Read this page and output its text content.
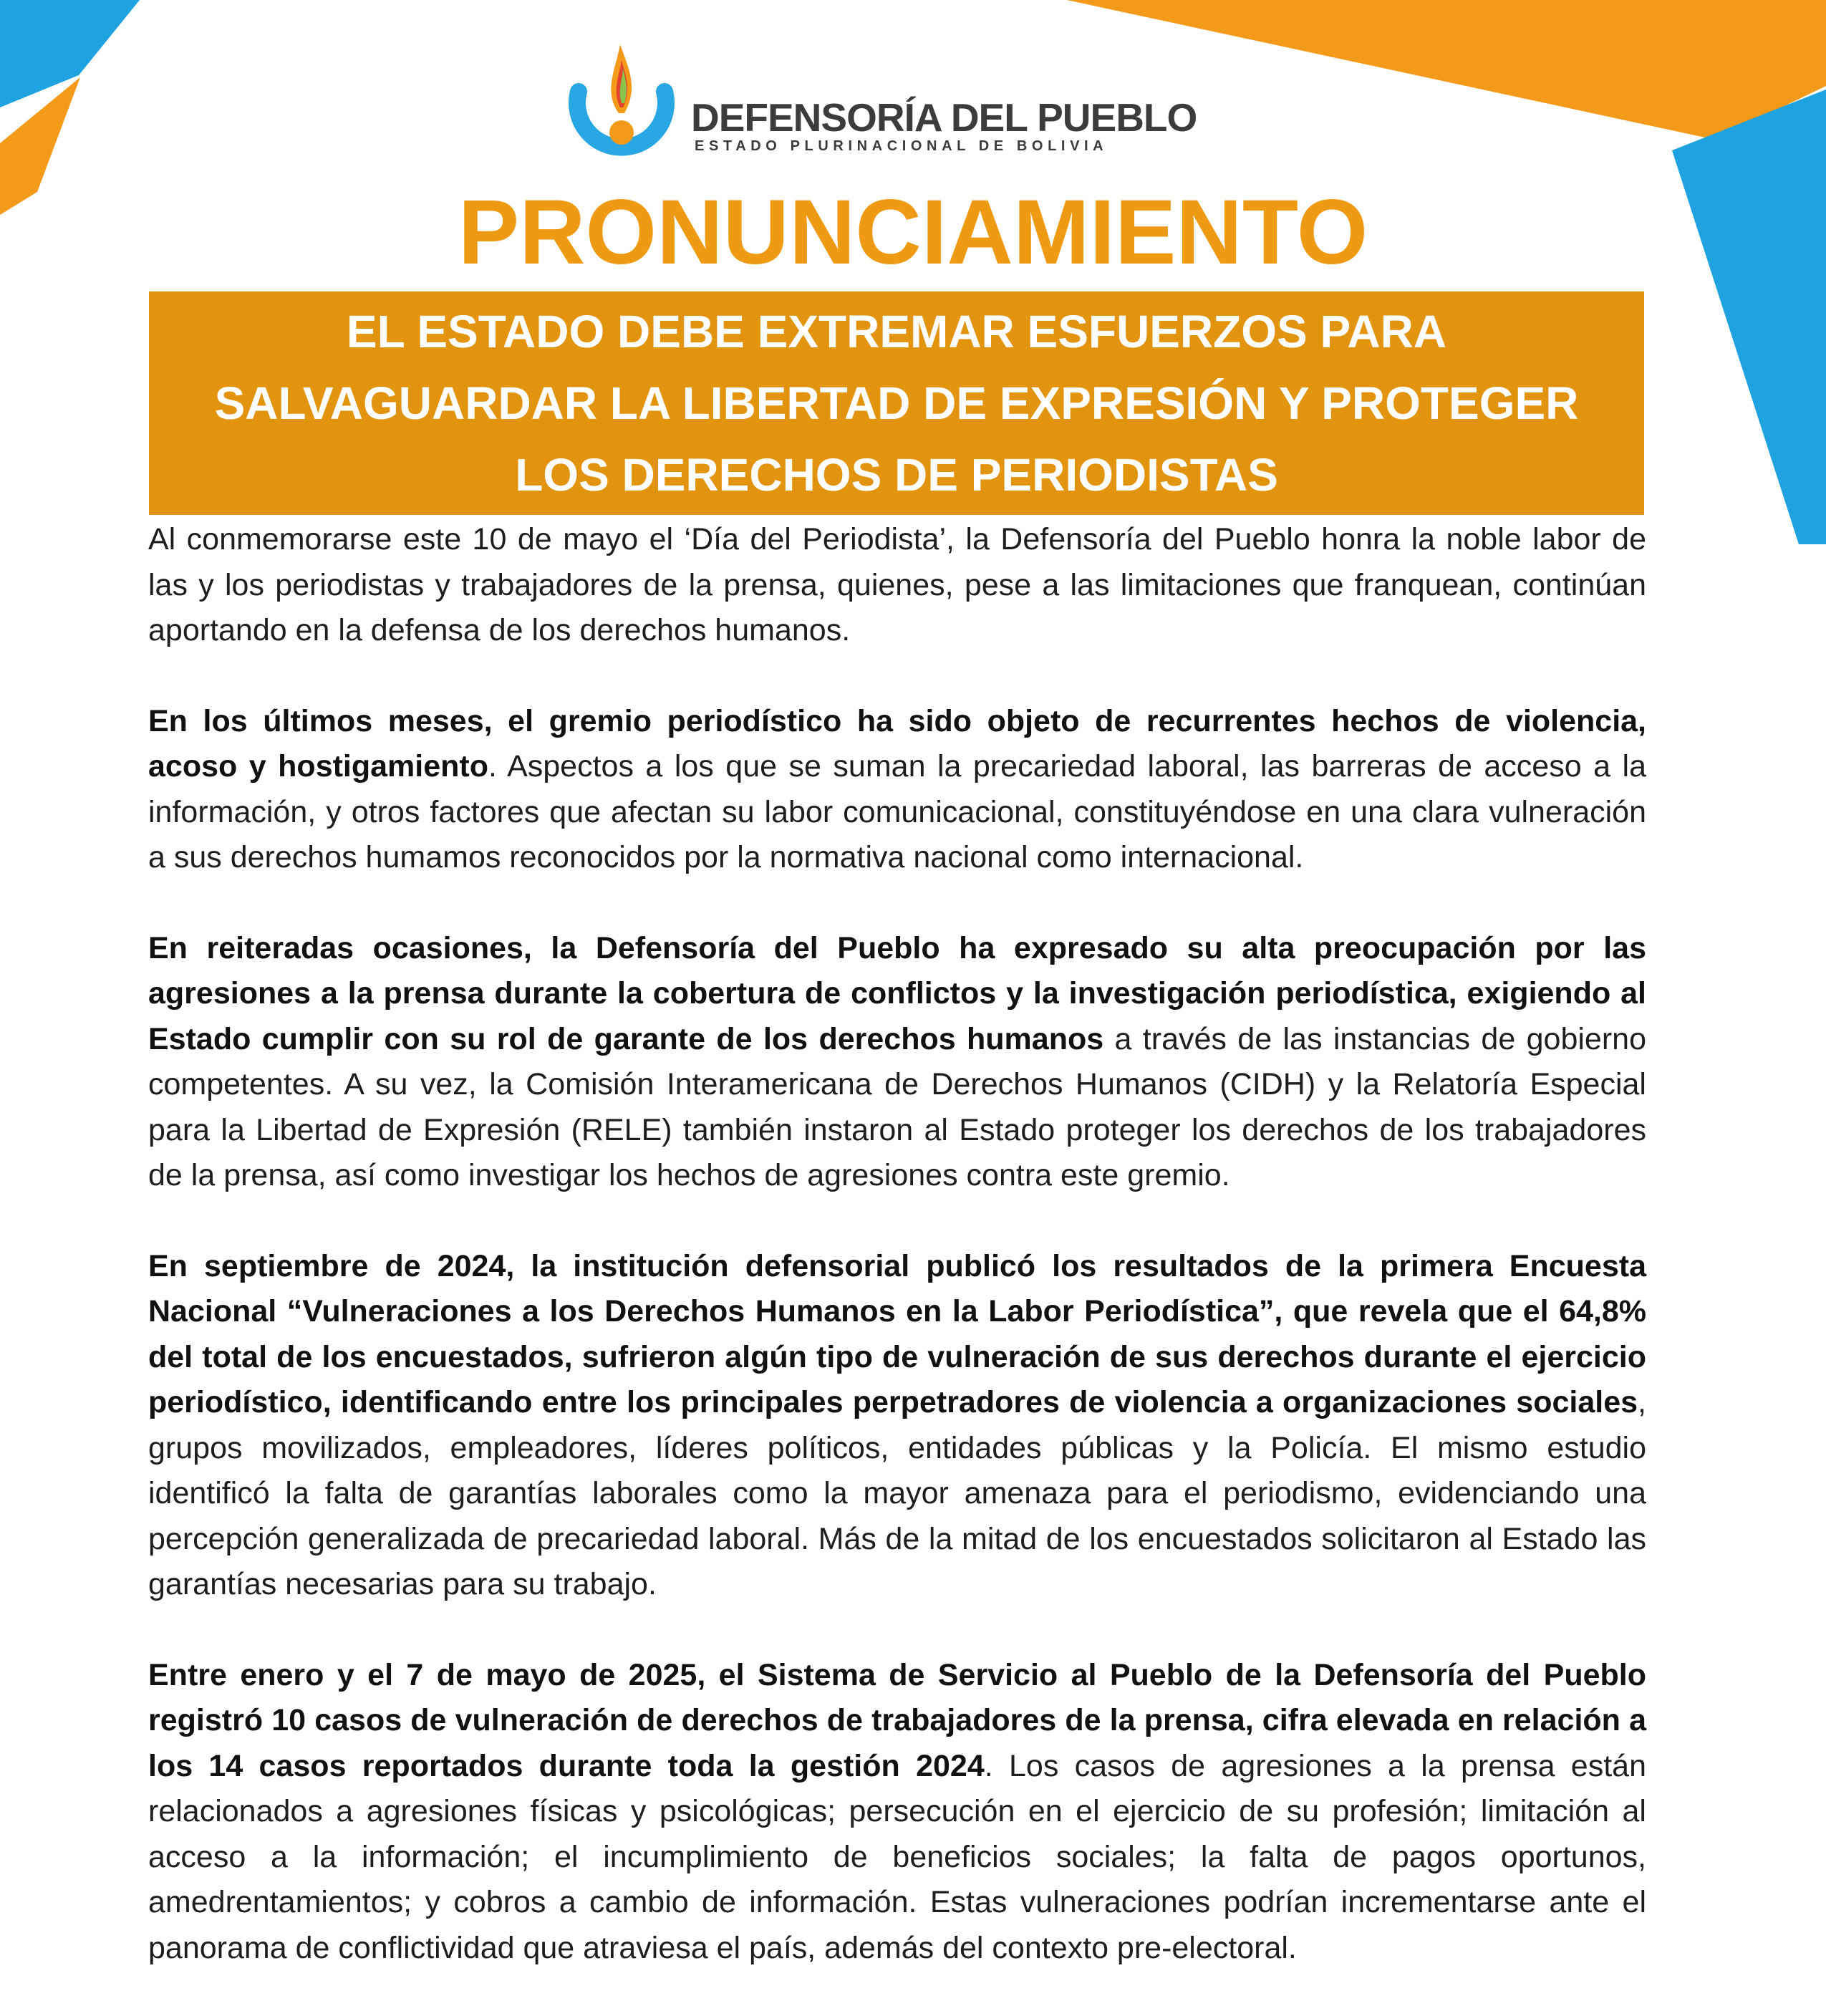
DEFENSORÍA DEL PUEBLO
ESTADO PLURINACIONAL DE BOLIVIA
PRONUNCIAMIENTO

EL ESTADO DEBE EXTREMAR ESFUERZOS PARA
SALVAGUARDAR LA LIBERTAD DE EXPRESIÓN Y PROTEGER
LOS DERECHOS DE PERIODISTAS

Al conmemorarse este 10 de mayo el ‘Día del Periodista’, la Defensoría del Pueblo honra la noble labor de las y los periodistas y trabajadores de la prensa, quienes, pese a las limitaciones que franquean, continúan aportando en la defensa de los derechos humanos.

En los últimos meses, el gremio periodístico ha sido objeto de recurrentes hechos de violencia, acoso y hostigamiento. Aspectos a los que se suman la precariedad laboral, las barreras de acceso a la información, y otros factores que afectan su labor comunicacional, constituyéndose en una clara vulneración a sus derechos humamos reconocidos por la normativa nacional como internacional.

En reiteradas ocasiones, la Defensoría del Pueblo ha expresado su alta preocupación por las agresiones a la prensa durante la cobertura de conflictos y la investigación periodística, exigiendo al Estado cumplir con su rol de garante de los derechos humanos a través de las instancias de gobierno competentes. A su vez, la Comisión Interamericana de Derechos Humanos (CIDH) y la Relatoría Especial para la Libertad de Expresión (RELE) también instaron al Estado proteger los derechos de los trabajadores de la prensa, así como investigar los hechos de agresiones contra este gremio.

En septiembre de 2024, la institución defensorial publicó los resultados de la primera Encuesta Nacional “Vulneraciones a los Derechos Humanos en la Labor Periodística”, que revela que el 64,8% del total de los encuestados, sufrieron algún tipo de vulneración de sus derechos durante el ejercicio periodístico, identificando entre los principales perpetradores de violencia a organizaciones sociales, grupos movilizados, empleadores, líderes políticos, entidades públicas y la Policía. El mismo estudio identificó la falta de garantías laborales como la mayor amenaza para el periodismo, evidenciando una percepción generalizada de precariedad laboral. Más de la mitad de los encuestados solicitaron al Estado las garantías necesarias para su trabajo.

Entre enero y el 7 de mayo de 2025, el Sistema de Servicio al Pueblo de la Defensoría del Pueblo registró 10 casos de vulneración de derechos de trabajadores de la prensa, cifra elevada en relación a los 14 casos reportados durante toda la gestión 2024. Los casos de agresiones a la prensa están relacionados a agresiones físicas y psicológicas; persecución en el ejercicio de su profesión; limitación al acceso a la información; el incumplimiento de beneficios sociales; la falta de pagos oportunos, amedrentamientos; y cobros a cambio de información. Estas vulneraciones podrían incrementarse ante el panorama de conflictividad que atraviesa el país, además del contexto pre-electoral.
